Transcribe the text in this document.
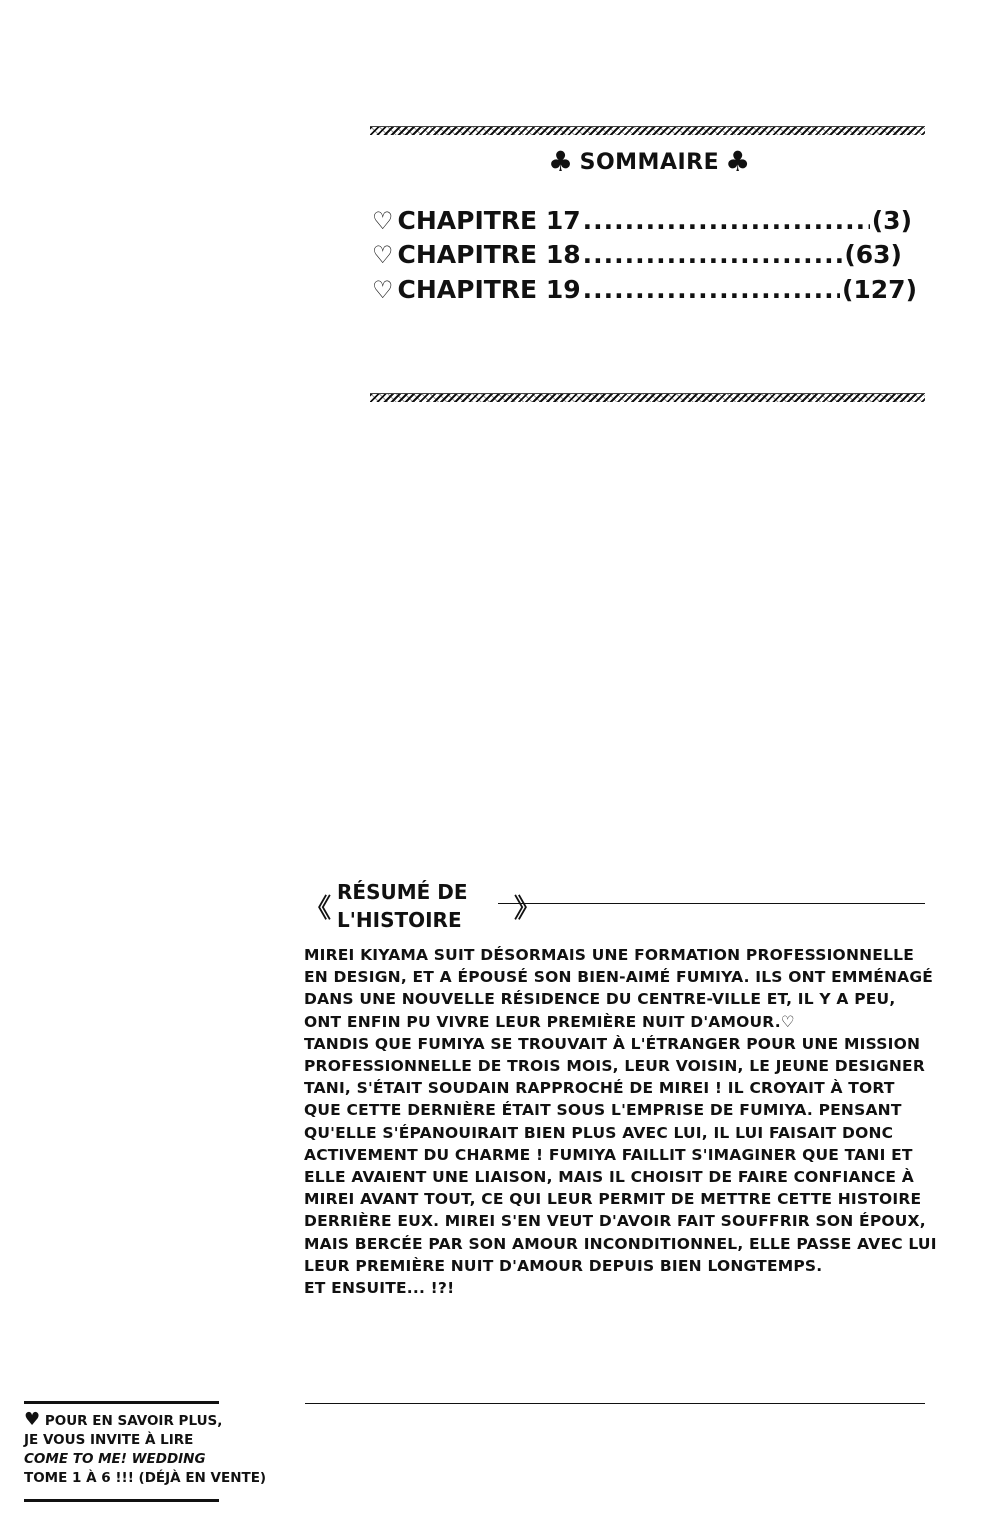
♣ SOMMAIRE ♣
♡ CHAPITRE 17 .....	(3)
♡ CHAPITRE 18 .....	(63)
♡ CHAPITRE 19 .....	(127)
《
RÉSUMÉ DE
L'HISTOIRE	》

MIREI KIYAMA SUIT DÉSORMAIS UNE FORMATION PROFESSIONNELLE
EN DESIGN, ET A ÉPOUSÉ SON BIEN-AIMÉ FUMIYA. ILS ONT EMMÉNAGÉ
DANS UNE NOUVELLE RÉSIDENCE DU CENTRE-VILLE ET, IL Y A PEU,
ONT ENFIN PU VIVRE LEUR PREMIÈRE NUIT D'AMOUR.♡
TANDIS QUE FUMIYA SE TROUVAIT À L'ÉTRANGER POUR UNE MISSION
PROFESSIONNELLE DE TROIS MOIS, LEUR VOISIN, LE JEUNE DESIGNER
TANI, S'ÉTAIT SOUDAIN RAPPROCHÉ DE MIREI ! IL CROYAIT À TORT
QUE CETTE DERNIÈRE ÉTAIT SOUS L'EMPRISE DE FUMIYA. PENSANT
QU'ELLE S'ÉPANOUIRAIT BIEN PLUS AVEC LUI, IL LUI FAISAIT DONC
ACTIVEMENT DU CHARME ! FUMIYA FAILLIT S'IMAGINER QUE TANI ET
ELLE AVAIENT UNE LIAISON, MAIS IL CHOISIT DE FAIRE CONFIANCE À
MIREI AVANT TOUT, CE QUI LEUR PERMIT DE METTRE CETTE HISTOIRE
DERRIÈRE EUX. MIREI S'EN VEUT D'AVOIR FAIT SOUFFRIR SON ÉPOUX,
MAIS BERCÉE PAR SON AMOUR INCONDITIONNEL, ELLE PASSE AVEC LUI
LEUR PREMIÈRE NUIT D'AMOUR DEPUIS BIEN LONGTEMPS.
ET ENSUITE... !?!

♥ POUR EN SAVOIR PLUS,
JE VOUS INVITE À LIRE
COME TO ME! WEDDING
TOME 1 À 6 !!! (DÉJÀ EN VENTE)
